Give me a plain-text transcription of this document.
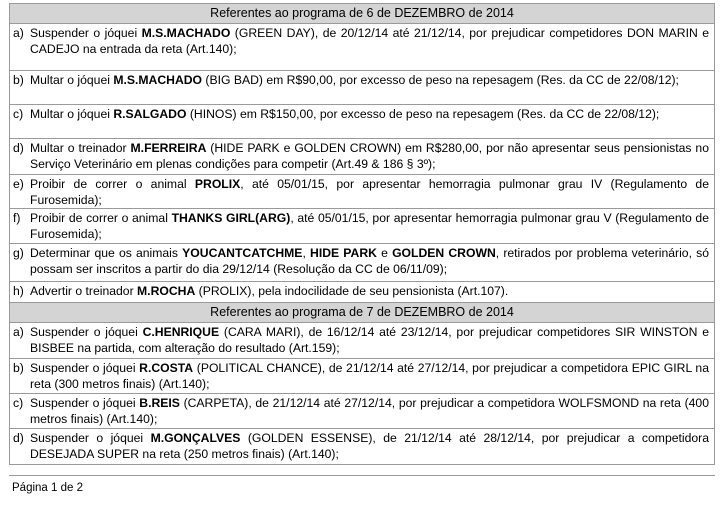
Referentes ao programa de 6 de DEZEMBRO de 2014
a) Suspender o jóquei M.S.MACHADO (GREEN DAY), de 20/12/14 até 21/12/14, por prejudicar competidores DON MARIN e CADEJO na entrada da reta (Art.140);
b) Multar o jóquei M.S.MACHADO (BIG BAD) em R$90,00, por excesso de peso na repesagem (Res. da CC de 22/08/12);
c) Multar o jóquei R.SALGADO (HINOS) em R$150,00, por excesso de peso na repesagem (Res. da CC de 22/08/12);
d) Multar o treinador M.FERREIRA (HIDE PARK e GOLDEN CROWN) em R$280,00, por não apresentar seus pensionistas no Serviço Veterinário em plenas condições para competir (Art.49 & 186 § 3º);
e) Proibir de correr o animal PROLIX, até 05/01/15, por apresentar hemorragia pulmonar grau IV (Regulamento de Furosemida);
f) Proibir de correr o animal THANKS GIRL(ARG), até 05/01/15, por apresentar hemorragia pulmonar grau V (Regulamento de Furosemida);
g) Determinar que os animais YOUCANTCATCHME, HIDE PARK e GOLDEN CROWN, retirados por problema veterinário, só possam ser inscritos a partir do dia 29/12/14 (Resolução da CC de 06/11/09);
h) Advertir o treinador M.ROCHA (PROLIX), pela indocilidade de seu pensionista (Art.107).
Referentes ao programa de 7 de DEZEMBRO de 2014
a) Suspender o jóquei C.HENRIQUE (CARA MARI), de 16/12/14 até 23/12/14, por prejudicar competidores SIR WINSTON e BISBEE na partida, com alteração do resultado (Art.159);
b) Suspender o jóquei R.COSTA (POLITICAL CHANCE), de 21/12/14 até 27/12/14, por prejudicar a competidora EPIC GIRL na reta (300 metros finais) (Art.140);
c) Suspender o jóquei B.REIS (CARPETA), de 21/12/14 até 27/12/14, por prejudicar a competidora WOLFSMOND na reta (400 metros finais) (Art.140);
d) Suspender o jóquei M.GONÇALVES (GOLDEN ESSENSE), de 21/12/14 até 28/12/14, por prejudicar a competidora DESEJADA SUPER na reta (250 metros finais) (Art.140);
Página 1 de 2
